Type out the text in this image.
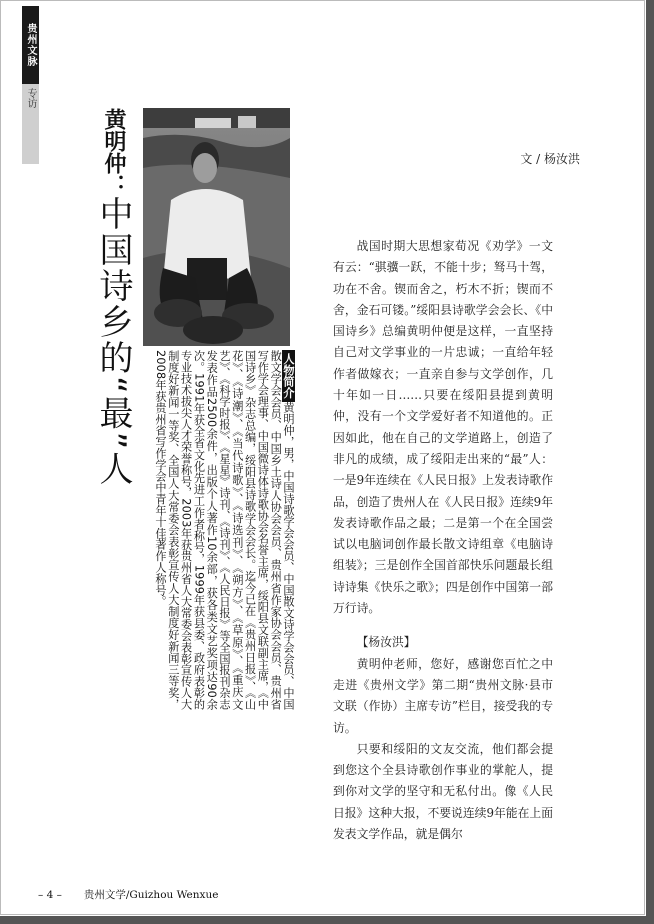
贵州文脉
专访
黄明仲：中国诗乡的“最”人	人物简介黄明仲，男，中国诗歌学会会员、中国散文诗学会会员、中国散文学会会员、中国乡土诗人协会会员、贵州省作家协会会员、贵州省写作学会理事、中国微诗体诗歌协会名誉主席，绥阳县文联副主席，《中国诗乡》杂志总编，绥阳县诗歌学会会长。迄今已在《贵州日报》、《山花》、《诗潮》、《当代诗歌》、《诗选刊》、《朔方》、《草原》、《重庆文艺》、《科学时报》、《星星》诗刊、《诗刊》、《人民日报》等全国报刊杂志发表作品2500余件，出版个人著作10余部，获各类文艺奖项达90余次。1991年获全省文化先进工作者称号，1999年获县委、政府表彰的专业技术拔尖人才荣誉称号，2003年获贵州省人大常委会表彰宣传人大制度好新闻一等奖、全国人大常委会表彰宣传人大制度好新闻三等奖，2008年获贵州省写作学会中青年十佳著作人称号。
文 / 杨汝洪

战国时期大思想家荀况《劝学》一文有云：“骐骥一跃，不能十步；驽马十驾，功在不舍。锲而舍之，朽木不折；锲而不舍，金石可镂。”绥阳县诗歌学会会长、《中国诗乡》总编黄明仲便是这样，一直坚持自己对文学事业的一片忠诚；一直给年轻作者做嫁衣；一直亲自参与文学创作，几十年如一日……只要在绥阳县提到黄明仲，没有一个文学爱好者不知道他的。正因如此，他在自己的文学道路上，创造了非凡的成绩，成了绥阳走出来的“最”人：一是9年连续在《人民日报》上发表诗歌作品，创造了贵州人在《人民日报》连续9年发表诗歌作品之最；二是第一个在全国尝试以电脑词创作最长散文诗组章《电脑诗组装》；三是创作全国首部快乐问题最长组诗诗集《快乐之歌》；四是创作中国第一部万行诗。

【杨汝洪】

黄明仲老师，您好，感谢您百忙之中走进《贵州文学》第二期“贵州文脉·县市文联（作协）主席专访”栏目，接受我的专访。

只要和绥阳的文友交流，他们都会提到您这个全县诗歌创作事业的掌舵人，提到你对文学的坚守和无私付出。像《人民日报》这种大报，不要说连续9年能在上面发表文学作品，就是偶尔

– 4 – 贵州文学/Guizhou Wenxue
